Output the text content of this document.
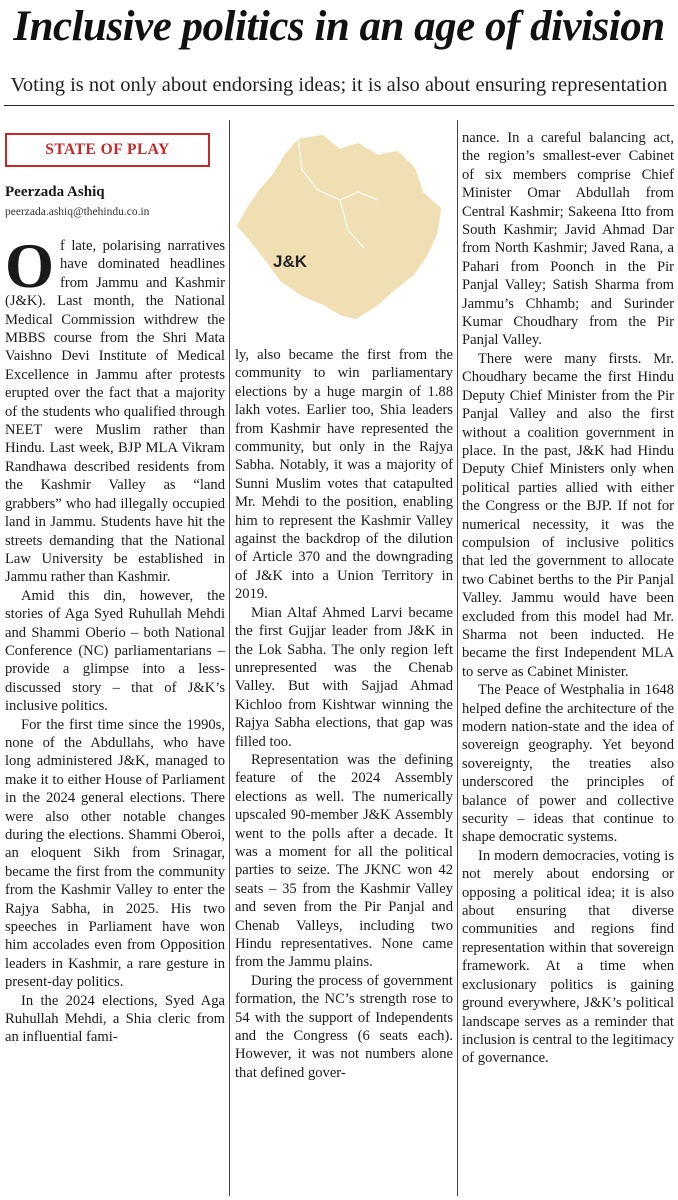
Inclusive politics in an age of division

Voting is not only about endorsing ideas; it is also about ensuring representation

STATE OF PLAY
Peerzada Ashiq
peerzada.ashiq@thehindu.co.in
J&K

Of late, polarising narratives have dominated headlines from Jammu and Kashmir (J&K). Last month, the National Medical Commission withdrew the MBBS course from the Shri Mata Vaishno Devi Institute of Medical Excellence in Jammu after protests erupted over the fact that a majority of the students who qualified through NEET were Muslim rather than Hindu. Last week, BJP MLA Vikram Randhawa described residents from the Kashmir Valley as “land grabbers” who had illegally occupied land in Jammu. Students have hit the streets demanding that the National Law University be established in Jammu rather than Kashmir.

Amid this din, however, the stories of Aga Syed Ruhullah Mehdi and Shammi Oberio – both National Conference (NC) parliamentarians – provide a glimpse into a less-discussed story – that of J&K’s inclusive politics.

For the first time since the 1990s, none of the Abdullahs, who have long administered J&K, managed to make it to either House of Parliament in the 2024 general elections. There were also other notable changes during the elections. Shammi Oberoi, an eloquent Sikh from Srinagar, became the first from the community from the Kashmir Valley to enter the Rajya Sabha, in 2025. His two speeches in Parliament have won him accolades even from Opposition leaders in Kashmir, a rare gesture in present-day politics.

In the 2024 elections, Syed Aga Ruhullah Mehdi, a Shia cleric from an influential fami-

ly, also became the first from the community to win parliamentary elections by a huge margin of 1.88 lakh votes. Earlier too, Shia leaders from Kashmir have represented the community, but only in the Rajya Sabha. Notably, it was a majority of Sunni Muslim votes that catapulted Mr. Mehdi to the position, enabling him to represent the Kashmir Valley against the backdrop of the dilution of Article 370 and the downgrading of J&K into a Union Territory in 2019.

Mian Altaf Ahmed Larvi became the first Gujjar leader from J&K in the Lok Sabha. The only region left unrepresented was the Chenab Valley. But with Sajjad Ahmad Kichloo from Kishtwar winning the Rajya Sabha elections, that gap was filled too.

Representation was the defining feature of the 2024 Assembly elections as well. The numerically upscaled 90-member J&K Assembly went to the polls after a decade. It was a moment for all the political parties to seize. The JKNC won 42 seats – 35 from the Kashmir Valley and seven from the Pir Panjal and Chenab Valleys, including two Hindu representatives. None came from the Jammu plains.

During the process of government formation, the NC’s strength rose to 54 with the support of Independents and the Congress (6 seats each). However, it was not numbers alone that defined gover-

nance. In a careful balancing act, the region’s smallest-ever Cabinet of six members comprise Chief Minister Omar Abdullah from Central Kashmir; Sakeena Itto from South Kashmir; Javid Ahmad Dar from North Kashmir; Javed Rana, a Pahari from Poonch in the Pir Panjal Valley; Satish Sharma from Jammu’s Chhamb; and Surinder Kumar Choudhary from the Pir Panjal Valley.

There were many firsts. Mr. Choudhary became the first Hindu Deputy Chief Minister from the Pir Panjal Valley and also the first without a coalition government in place. In the past, J&K had Hindu Deputy Chief Ministers only when political parties allied with either the Congress or the BJP. If not for numerical necessity, it was the compulsion of inclusive politics that led the government to allocate two Cabinet berths to the Pir Panjal Valley. Jammu would have been excluded from this model had Mr. Sharma not been inducted. He became the first Independent MLA to serve as Cabinet Minister.

The Peace of Westphalia in 1648 helped define the architecture of the modern nation-state and the idea of sovereign geography. Yet beyond sovereignty, the treaties also underscored the principles of balance of power and collective security – ideas that continue to shape democratic systems.

In modern democracies, voting is not merely about endorsing or opposing a political idea; it is also about ensuring that diverse communities and regions find representation within that sovereign framework. At a time when exclusionary politics is gaining ground everywhere, J&K’s political landscape serves as a reminder that inclusion is central to the legitimacy of governance.
